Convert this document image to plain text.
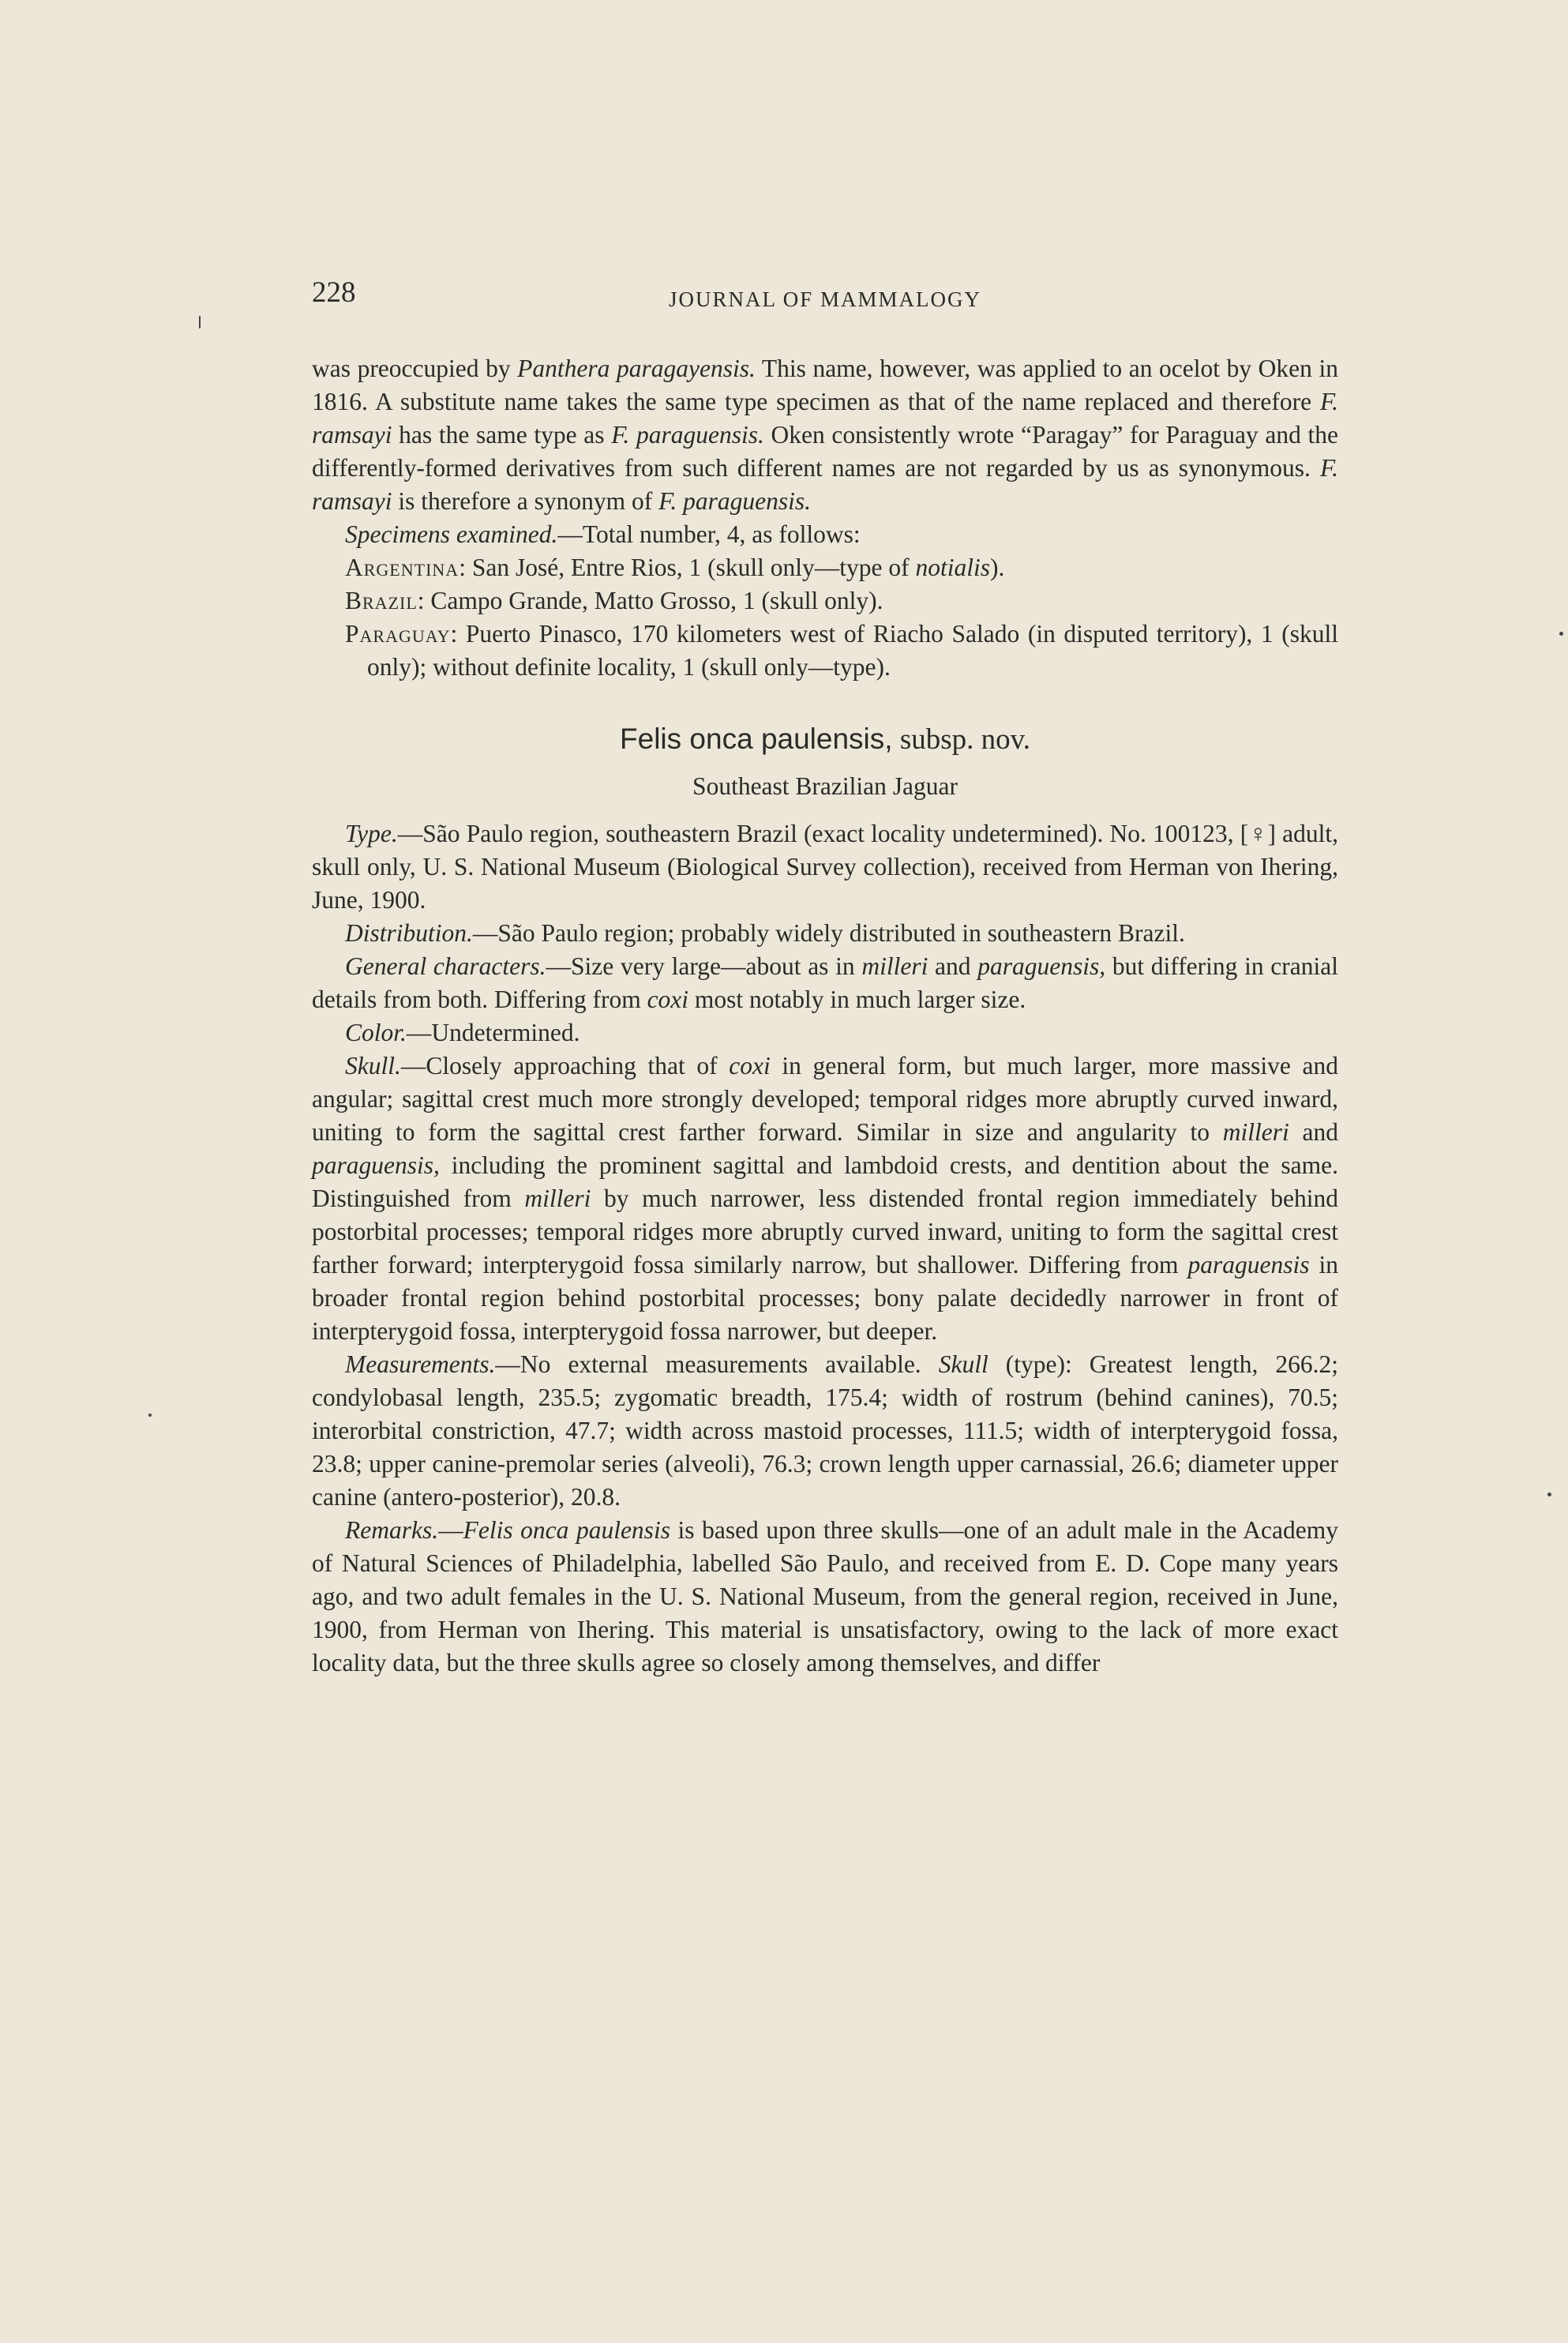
228	JOURNAL OF MAMMALOGY

was preoccupied by Panthera paragayensis. This name, however, was applied to an ocelot by Oken in 1816. A substitute name takes the same type specimen as that of the name replaced and therefore F. ramsayi has the same type as F. paraguensis. Oken consistently wrote “Paragay” for Paraguay and the differently-formed derivatives from such different names are not regarded by us as synonymous. F. ramsayi is therefore a synonym of F. paraguensis.

Specimens examined.—Total number, 4, as follows:

Argentina: San José, Entre Rios, 1 (skull only—type of notialis).

Brazil: Campo Grande, Matto Grosso, 1 (skull only).

Paraguay: Puerto Pinasco, 170 kilometers west of Riacho Salado (in disputed territory), 1 (skull only); without definite locality, 1 (skull only—type).

Felis onca paulensis, subsp. nov.
Southeast Brazilian Jaguar

Type.—São Paulo region, southeastern Brazil (exact locality undetermined). No. 100123, [♀] adult, skull only, U. S. National Museum (Biological Survey collection), received from Herman von Ihering, June, 1900.

Distribution.—São Paulo region; probably widely distributed in southeastern Brazil.

General characters.—Size very large—about as in milleri and paraguensis, but differing in cranial details from both. Differing from coxi most notably in much larger size.

Color.—Undetermined.

Skull.—Closely approaching that of coxi in general form, but much larger, more massive and angular; sagittal crest much more strongly developed; temporal ridges more abruptly curved inward, uniting to form the sagittal crest farther forward. Similar in size and angularity to milleri and paraguensis, including the prominent sagittal and lambdoid crests, and dentition about the same. Distinguished from milleri by much narrower, less distended frontal region immediately behind postorbital processes; temporal ridges more abruptly curved inward, uniting to form the sagittal crest farther forward; interpterygoid fossa similarly narrow, but shallower. Differing from paraguensis in broader frontal region behind postorbital processes; bony palate decidedly narrower in front of interpterygoid fossa, interpterygoid fossa narrower, but deeper.

Measurements.—No external measurements available. Skull (type): Greatest length, 266.2; condylobasal length, 235.5; zygomatic breadth, 175.4; width of rostrum (behind canines), 70.5; interorbital constriction, 47.7; width across mastoid processes, 111.5; width of interpterygoid fossa, 23.8; upper canine-premolar series (alveoli), 76.3; crown length upper carnassial, 26.6; diameter upper canine (antero-posterior), 20.8.

Remarks.—Felis onca paulensis is based upon three skulls—one of an adult male in the Academy of Natural Sciences of Philadelphia, labelled São Paulo, and received from E. D. Cope many years ago, and two adult females in the U. S. National Museum, from the general region, received in June, 1900, from Herman von Ihering. This material is unsatisfactory, owing to the lack of more exact locality data, but the three skulls agree so closely among themselves, and differ
